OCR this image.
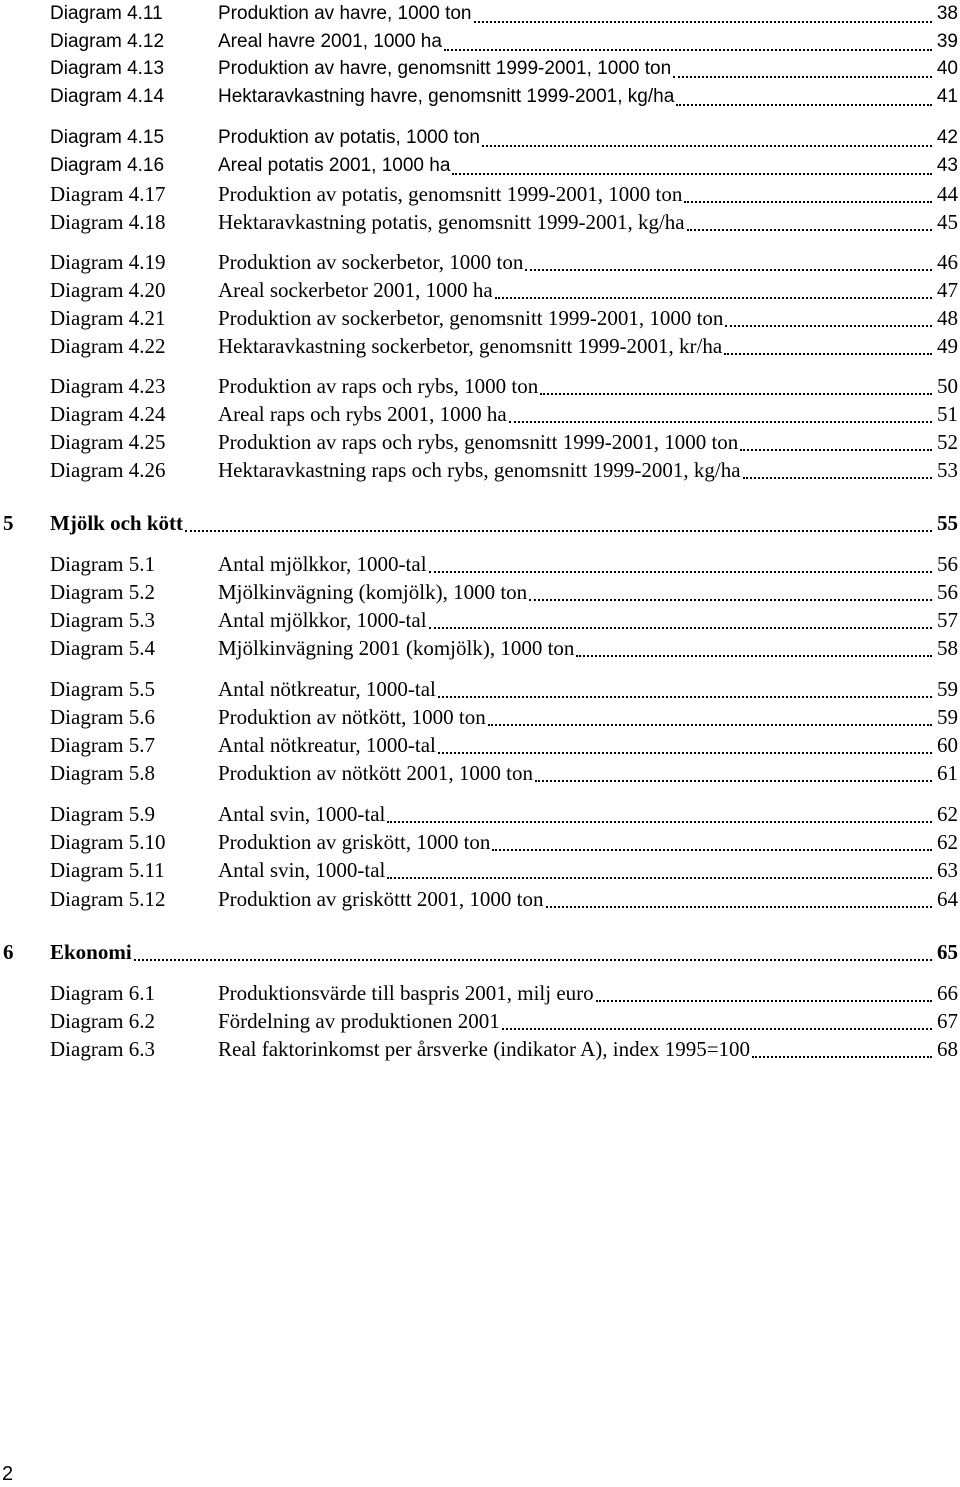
Diagram 4.11	Produktion av havre, 1000 ton	38
Diagram 4.12	Areal havre 2001, 1000 ha	39
Diagram 4.13	Produktion av havre, genomsnitt 1999-2001, 1000 ton	40
Diagram 4.14	Hektaravkastning havre, genomsnitt 1999-2001, kg/ha	41
Diagram 4.15	Produktion av potatis, 1000 ton	42
Diagram 4.16	Areal potatis 2001, 1000 ha	43
Diagram 4.17	Produktion av potatis, genomsnitt 1999-2001, 1000 ton	44
Diagram 4.18	Hektaravkastning potatis, genomsnitt 1999-2001, kg/ha	45
Diagram 4.19	Produktion av sockerbetor, 1000 ton	46
Diagram 4.20	Areal sockerbetor 2001, 1000 ha	47
Diagram 4.21	Produktion av sockerbetor, genomsnitt 1999-2001, 1000 ton	48
Diagram 4.22	Hektaravkastning sockerbetor, genomsnitt 1999-2001, kr/ha	49
Diagram 4.23	Produktion av raps och rybs, 1000 ton	50
Diagram 4.24	Areal raps och rybs 2001, 1000 ha	51
Diagram 4.25	Produktion av raps och rybs, genomsnitt 1999-2001, 1000 ton	52
Diagram 4.26	Hektaravkastning raps och rybs, genomsnitt 1999-2001, kg/ha	53
5 Mjölk och kött	55
Diagram 5.1	Antal mjölkkor, 1000-tal	56
Diagram 5.2	Mjölkinvägning (komjölk), 1000 ton	56
Diagram 5.3	Antal mjölkkor, 1000-tal	57
Diagram 5.4	Mjölkinvägning 2001 (komjölk), 1000 ton	58
Diagram 5.5	Antal nötkreatur, 1000-tal	59
Diagram 5.6	Produktion av nötkött, 1000 ton	59
Diagram 5.7	Antal nötkreatur, 1000-tal	60
Diagram 5.8	Produktion av nötkött 2001, 1000 ton	61
Diagram 5.9	Antal svin, 1000-tal	62
Diagram 5.10	Produktion av griskött, 1000 ton	62
Diagram 5.11	Antal svin, 1000-tal	63
Diagram 5.12	Produktion av grisköttt 2001, 1000 ton	64
6 Ekonomi	65
Diagram 6.1	Produktionsvärde till baspris 2001, milj euro	66
Diagram 6.2	Fördelning av produktionen 2001	67
Diagram 6.3	Real faktorinkomst per årsverke (indikator A), index 1995=100	68
2
